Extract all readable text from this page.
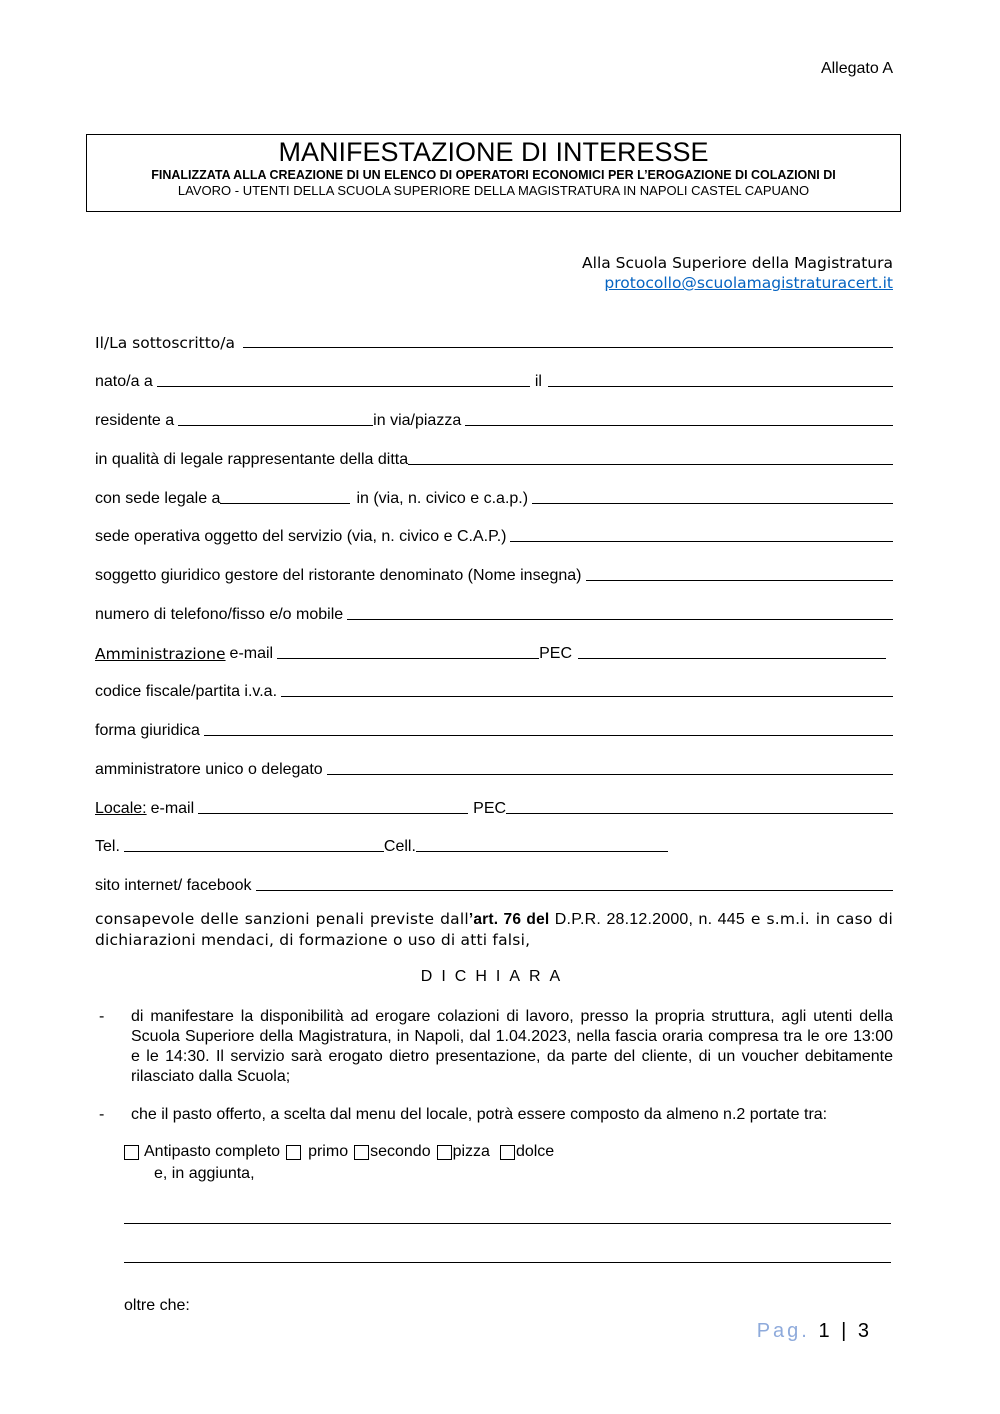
Allegato A
MANIFESTAZIONE DI INTERESSE
FINALIZZATA ALLA CREAZIONE DI UN ELENCO DI OPERATORI ECONOMICI PER L’EROGAZIONE DI COLAZIONI DI
LAVORO - UTENTI DELLA SCUOLA SUPERIORE DELLA MAGISTRATURA IN NAPOLI CASTEL CAPUANO
Alla Scuola Superiore della Magistratura
protocollo@scuolamagistraturacert.it
Il/La sottoscritto/a
nato/a a	il
residente a	in via/piazza
in qualità di legale rappresentante della ditta
con sede legale a	in (via, n. civico e c.a.p.)
sede operativa oggetto del servizio (via, n. civico e C.A.P.)
soggetto giuridico gestore del ristorante denominato (Nome insegna)
numero di telefono/fisso e/o mobile
Amministrazione e-mail	PEC
codice fiscale/partita i.v.a.
forma giuridica
amministratore unico o delegato
Locale: e-mail	PEC
Tel.	Cell.
sito internet/ facebook
consapevole delle sanzioni penali previste dall’art. 76 del D.P.R. 28.12.2000, n. 445 e s.m.i. in caso di dichiarazioni mendaci, di formazione o uso di atti falsi,
DICHIARA
-	di manifestare la disponibilità ad erogare colazioni di lavoro, presso la propria struttura, agli utenti della Scuola Superiore della Magistratura, in Napoli, dal 1.04.2023, nella fascia oraria compresa tra le ore 13:00 e le 14:30. Il servizio sarà erogato dietro presentazione, da parte del cliente, di un voucher debitamente rilasciato dalla Scuola;
-	che il pasto offerto, a scelta dal menu del locale, potrà essere composto da almeno n.2 portate tra:
Antipasto completo primo secondo pizza dolce
e, in aggiunta,
oltre che:
Pag. 1 | 3
